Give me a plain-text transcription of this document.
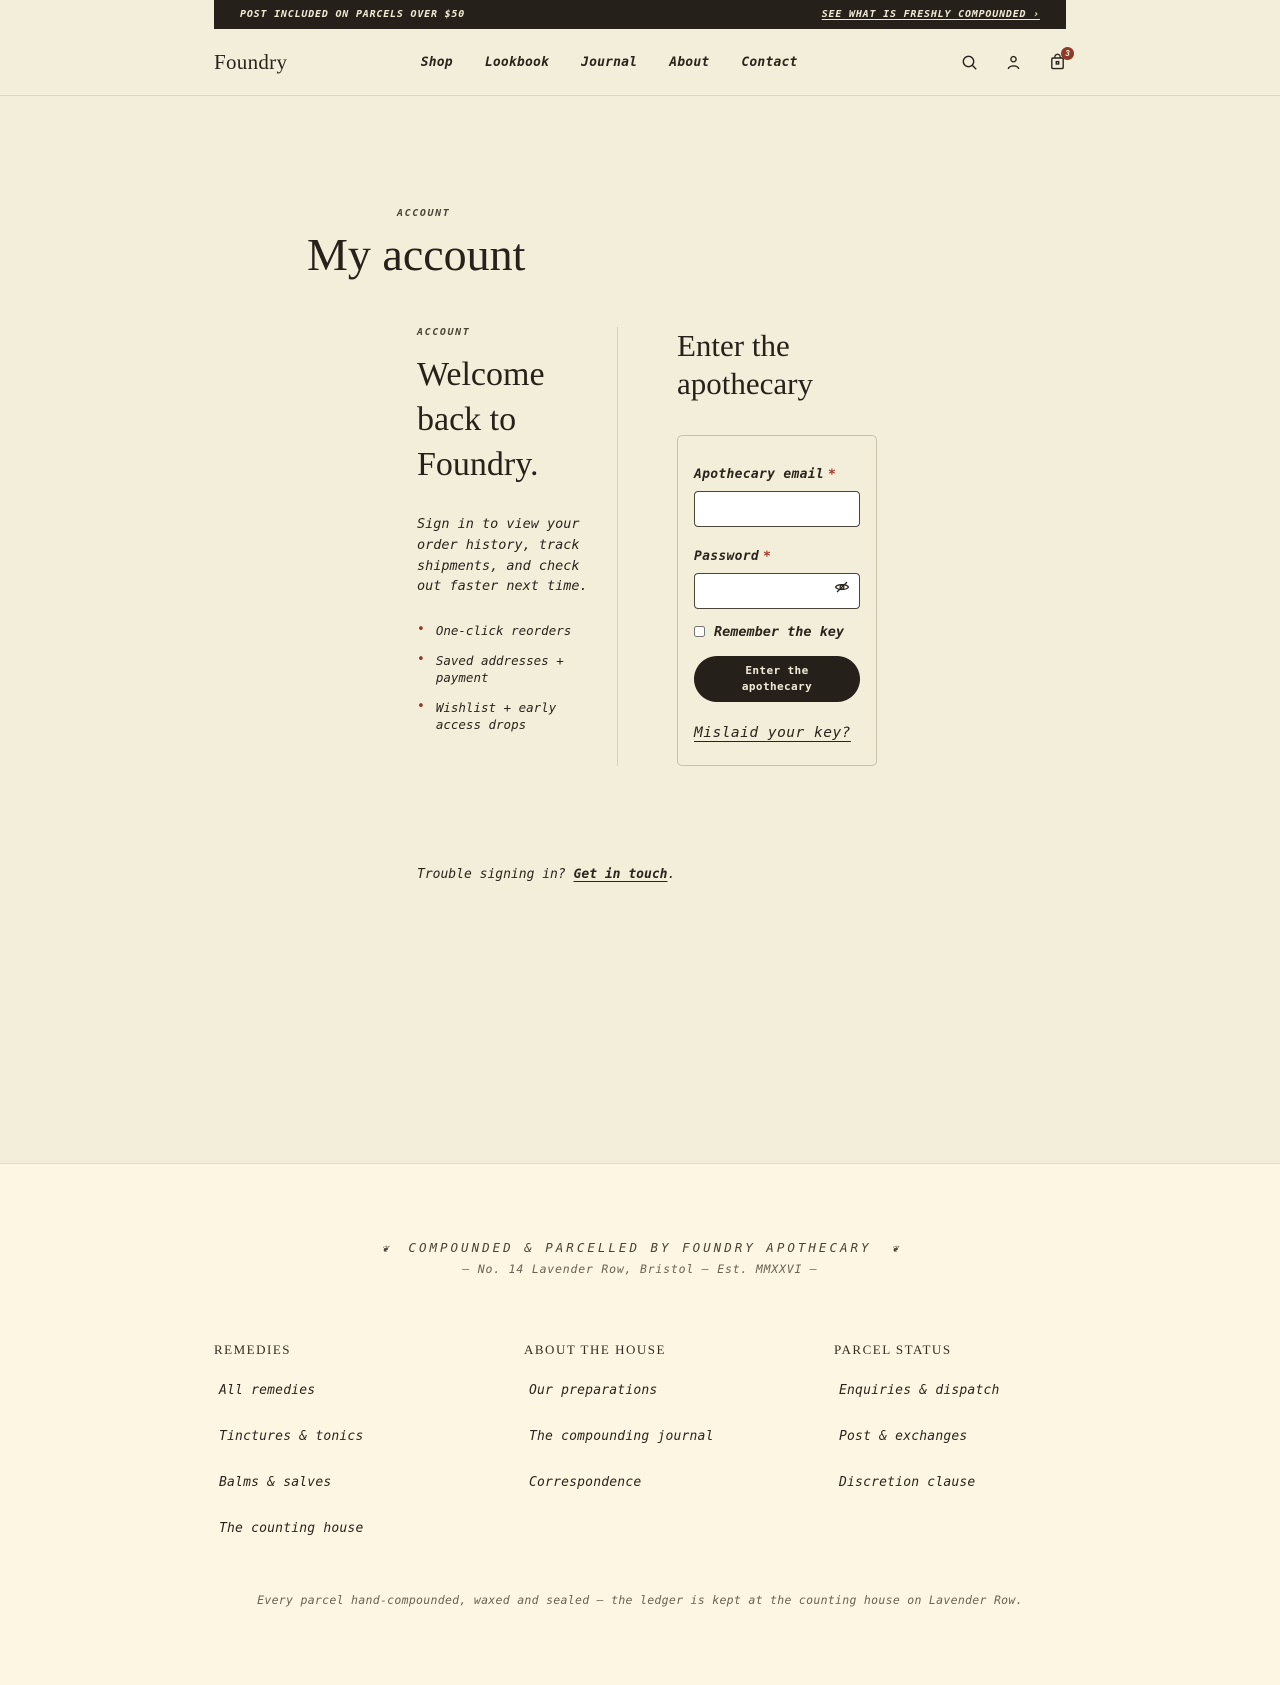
POST INCLUDED ON PARCELS OVER $50	SEE WHAT IS FRESHLY COMPOUNDED ›
Foundry	Shop Lookbook Journal About Contact
3
ACCOUNT
My account
ACCOUNT
Welcome back to Foundry.

Sign in to view your order history, track shipments, and check out faster next time.

• One-click reorders
• Saved addresses + payment
• Wishlist + early access drops
Enter the apothecary
Apothecary email *
Password *
Remember the key
Enter the apothecary
Mislaid your key?

Trouble signing in? Get in touch.

❦ COMPOUNDED & PARCELLED BY FOUNDRY APOTHECARY ❦
— No. 14 Lavender Row, Bristol — Est. MMXXVI —
REMEDIES
All remedies
Tinctures & tonics
Balms & salves
The counting house
ABOUT THE HOUSE
Our preparations
The compounding journal
Correspondence
PARCEL STATUS
Enquiries & dispatch
Post & exchanges
Discretion clause
Every parcel hand-compounded, waxed and sealed — the ledger is kept at the counting house on Lavender Row.
